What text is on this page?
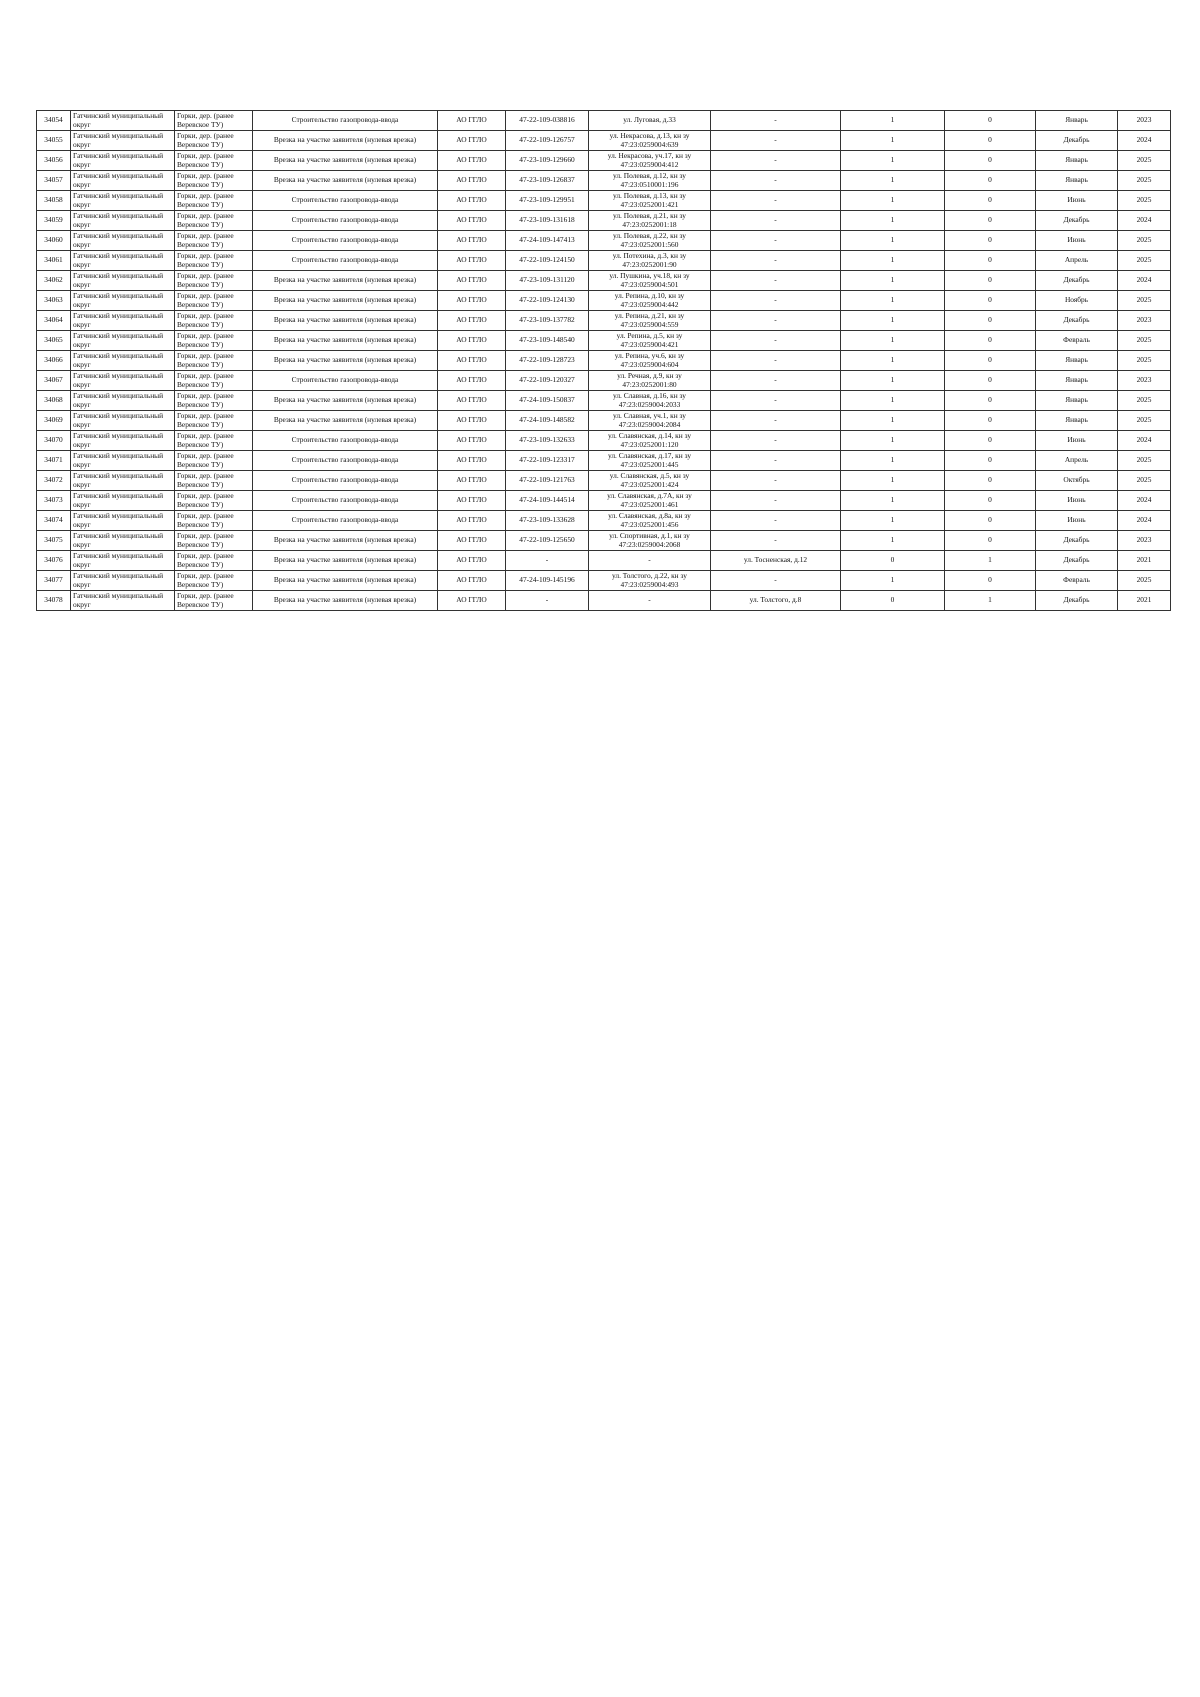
34054	Гатчинский муниципальный округ	Горки, дер. (ранее Веревское ТУ)	Строительство газопровода-ввода	АО ГГЛО	47-22-109-038816	ул. Луговая, д.33	-	1	0	Январь	2023
34055	Гатчинский муниципальный округ	Горки, дер. (ранее Веревское ТУ)	Врезка на участке заявителя (нулевая врезка)	АО ГГЛО	47-22-109-126757	ул. Некрасова, д.13, кн зу 47:23:0259004:639	-	1	0	Декабрь	2024
34056	Гатчинский муниципальный округ	Горки, дер. (ранее Веревское ТУ)	Врезка на участке заявителя (нулевая врезка)	АО ГГЛО	47-23-109-129660	ул. Некрасова, уч.17, кн зу 47:23:0259004:412	-	1	0	Январь	2025
34057	Гатчинский муниципальный округ	Горки, дер. (ранее Веревское ТУ)	Врезка на участке заявителя (нулевая врезка)	АО ГГЛО	47-23-109-126837	ул. Полевая, д.12, кн зу 47:23:0510001:196	-	1	0	Январь	2025
34058	Гатчинский муниципальный округ	Горки, дер. (ранее Веревское ТУ)	Строительство газопровода-ввода	АО ГГЛО	47-23-109-129951	ул. Полевая, д.13, кн зу 47:23:0252001:421	-	1	0	Июнь	2025
34059	Гатчинский муниципальный округ	Горки, дер. (ранее Веревское ТУ)	Строительство газопровода-ввода	АО ГГЛО	47-23-109-131618	ул. Полевая, д.21, кн зу 47:23:0252001:18	-	1	0	Декабрь	2024
34060	Гатчинский муниципальный округ	Горки, дер. (ранее Веревское ТУ)	Строительство газопровода-ввода	АО ГГЛО	47-24-109-147413	ул. Полевая, д.22, кн зу 47:23:0252001:560	-	1	0	Июнь	2025
34061	Гатчинский муниципальный округ	Горки, дер. (ранее Веревское ТУ)	Строительство газопровода-ввода	АО ГГЛО	47-22-109-124150	ул. Потехина, д.3, кн зу 47:23:0252001:90	-	1	0	Апрель	2025
34062	Гатчинский муниципальный округ	Горки, дер. (ранее Веревское ТУ)	Врезка на участке заявителя (нулевая врезка)	АО ГГЛО	47-23-109-131120	ул. Пушкина, уч.18, кн зу 47:23:0259004:501	-	1	0	Декабрь	2024
34063	Гатчинский муниципальный округ	Горки, дер. (ранее Веревское ТУ)	Врезка на участке заявителя (нулевая врезка)	АО ГГЛО	47-22-109-124130	ул. Репина, д.10, кн зу 47:23:0259004:442	-	1	0	Ноябрь	2025
34064	Гатчинский муниципальный округ	Горки, дер. (ранее Веревское ТУ)	Врезка на участке заявителя (нулевая врезка)	АО ГГЛО	47-23-109-137782	ул. Репина, д.21, кн зу 47:23:0259004:559	-	1	0	Декабрь	2023
34065	Гатчинский муниципальный округ	Горки, дер. (ранее Веревское ТУ)	Врезка на участке заявителя (нулевая врезка)	АО ГГЛО	47-23-109-148540	ул. Репина, д.5, кн зу 47:23:0259004:421	-	1	0	Февраль	2025
34066	Гатчинский муниципальный округ	Горки, дер. (ранее Веревское ТУ)	Врезка на участке заявителя (нулевая врезка)	АО ГГЛО	47-22-109-128723	ул. Репина, уч.6, кн зу 47:23:0259004:604	-	1	0	Январь	2025
34067	Гатчинский муниципальный округ	Горки, дер. (ранее Веревское ТУ)	Строительство газопровода-ввода	АО ГГЛО	47-22-109-120327	ул. Речная, д.9, кн зу 47:23:0252001:80	-	1	0	Январь	2023
34068	Гатчинский муниципальный округ	Горки, дер. (ранее Веревское ТУ)	Врезка на участке заявителя (нулевая врезка)	АО ГГЛО	47-24-109-150837	ул. Славная, д.16, кн зу 47:23:0259004:2033	-	1	0	Январь	2025
34069	Гатчинский муниципальный округ	Горки, дер. (ранее Веревское ТУ)	Врезка на участке заявителя (нулевая врезка)	АО ГГЛО	47-24-109-148582	ул. Славная, уч.1, кн зу 47:23:0259004:2084	-	1	0	Январь	2025
34070	Гатчинский муниципальный округ	Горки, дер. (ранее Веревское ТУ)	Строительство газопровода-ввода	АО ГГЛО	47-23-109-132633	ул. Славянская, д.14, кн зу 47:23:0252001:120	-	1	0	Июнь	2024
34071	Гатчинский муниципальный округ	Горки, дер. (ранее Веревское ТУ)	Строительство газопровода-ввода	АО ГГЛО	47-22-109-123317	ул. Славянская, д.17, кн зу 47:23:0252001:445	-	1	0	Апрель	2025
34072	Гатчинский муниципальный округ	Горки, дер. (ранее Веревское ТУ)	Строительство газопровода-ввода	АО ГГЛО	47-22-109-121763	ул. Славянская, д.5, кн зу 47:23:0252001:424	-	1	0	Октябрь	2025
34073	Гатчинский муниципальный округ	Горки, дер. (ранее Веревское ТУ)	Строительство газопровода-ввода	АО ГГЛО	47-24-109-144514	ул. Славянская, д.7А, кн зу 47:23:0252001:461	-	1	0	Июнь	2024
34074	Гатчинский муниципальный округ	Горки, дер. (ранее Веревское ТУ)	Строительство газопровода-ввода	АО ГГЛО	47-23-109-133628	ул. Славянская, д.8а, кн зу 47:23:0252001:456	-	1	0	Июнь	2024
34075	Гатчинский муниципальный округ	Горки, дер. (ранее Веревское ТУ)	Врезка на участке заявителя (нулевая врезка)	АО ГГЛО	47-22-109-125650	ул. Спортивная, д.1, кн зу 47:23:0259004:2068	-	1	0	Декабрь	2023
34076	Гатчинский муниципальный округ	Горки, дер. (ранее Веревское ТУ)	Врезка на участке заявителя (нулевая врезка)	АО ГГЛО	-	-	ул. Тосненская, д.12	0	1	Декабрь	2021
34077	Гатчинский муниципальный округ	Горки, дер. (ранее Веревское ТУ)	Врезка на участке заявителя (нулевая врезка)	АО ГГЛО	47-24-109-145196	ул. Толстого, д.22, кн зу 47:23:0259004:493	-	1	0	Февраль	2025
34078	Гатчинский муниципальный округ	Горки, дер. (ранее Веревское ТУ)	Врезка на участке заявителя (нулевая врезка)	АО ГГЛО	-	-	ул. Толстого, д.8	0	1	Декабрь	2021
